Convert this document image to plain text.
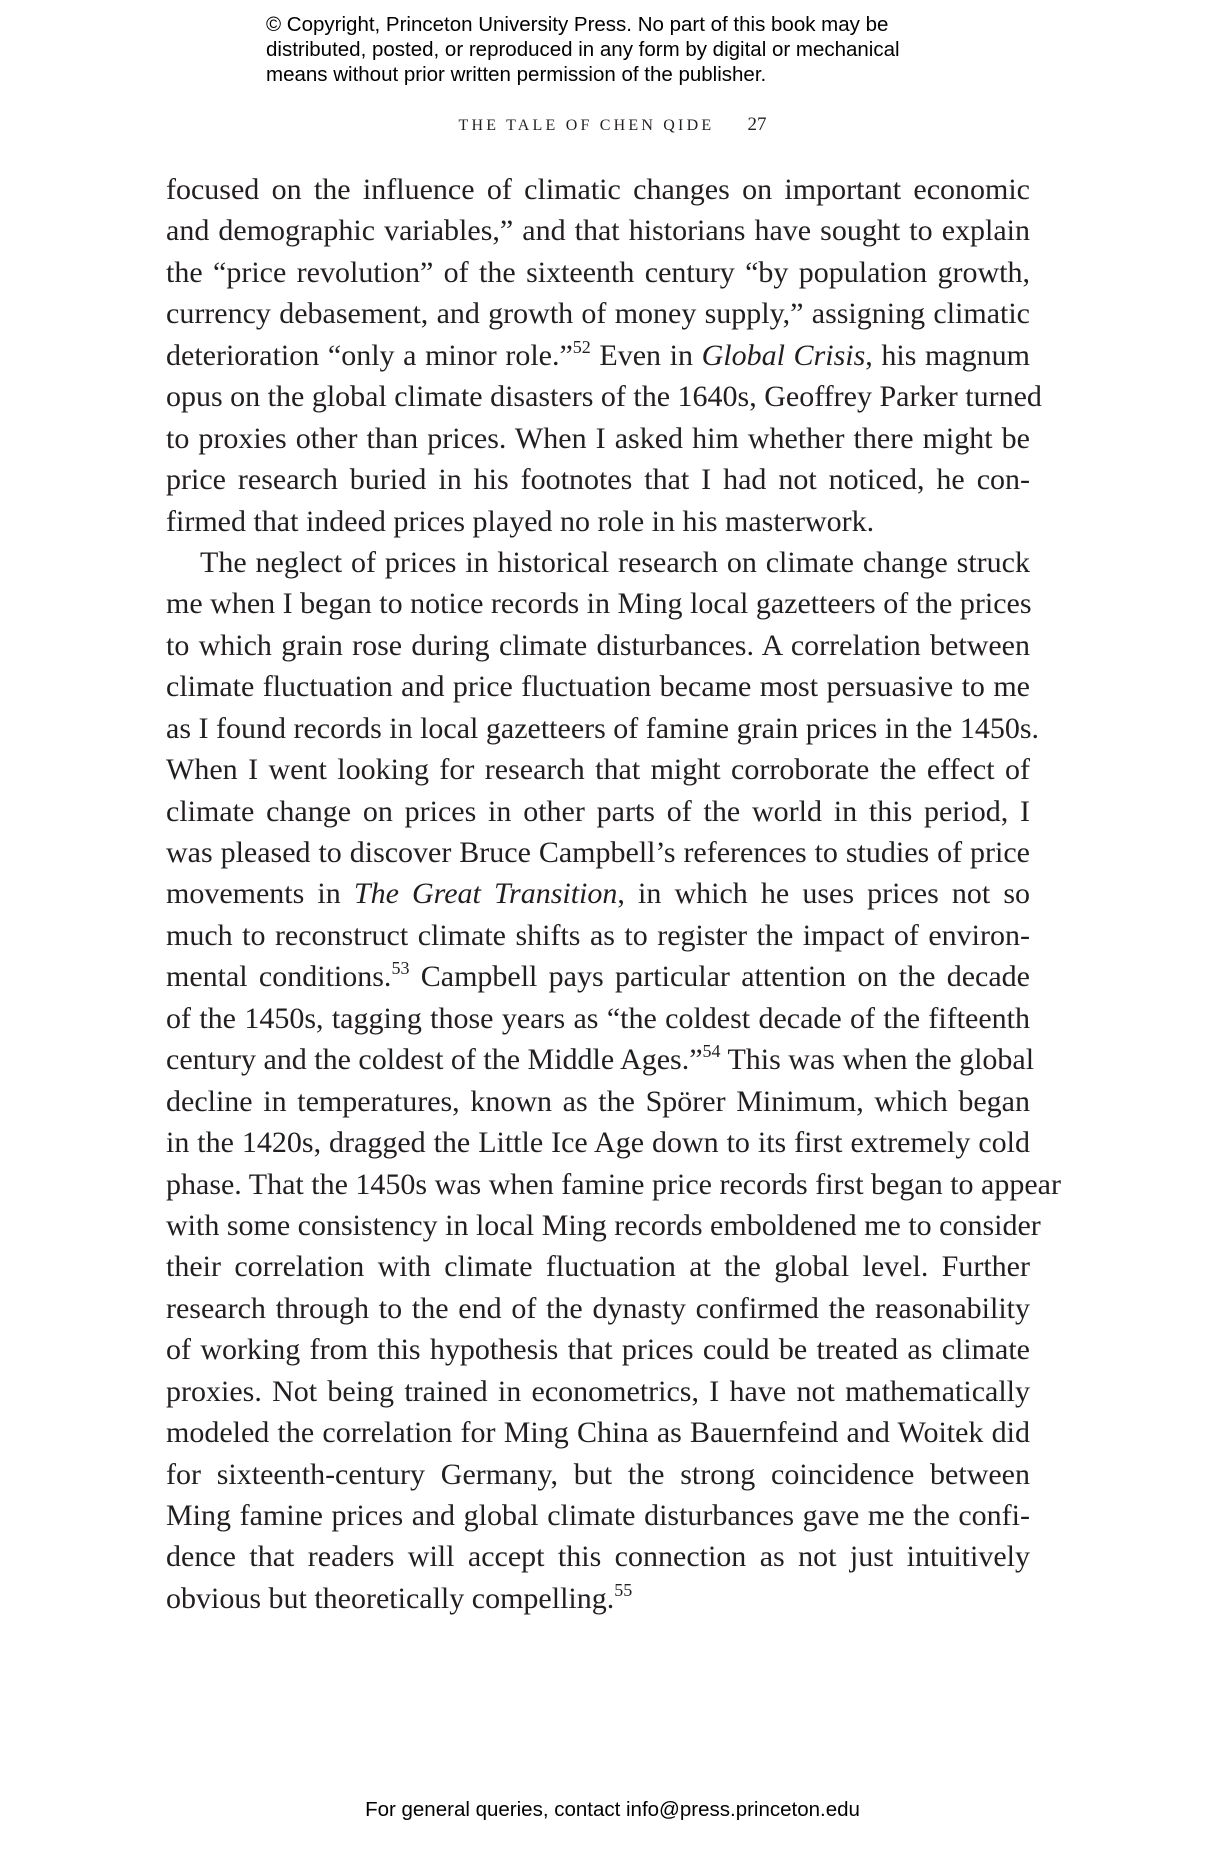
© Copyright, Princeton University Press. No part of this book may be
distributed, posted, or reproduced in any form by digital or mechanical
means without prior written permission of the publisher.
THE TALE OF CHEN QIDE 27
focused on the influence of climatic changes on important economic
and demographic variables,” and that historians have sought to explain
the “price revolution” of the sixteenth century “by population growth,
currency debasement, and growth of money supply,” assigning climatic
deterioration “only a minor role.”$^{52}$ Even in Global Crisis, his magnum
opus on the global climate disasters of the 1640s, Geoffrey Parker turned
to proxies other than prices. When I asked him whether there might be
price research buried in his footnotes that I had not noticed, he con-
firmed that indeed prices played no role in his masterwork.
The neglect of prices in historical research on climate change struck
me when I began to notice records in Ming local gazetteers of the prices
to which grain rose during climate disturbances. A correlation between
climate fluctuation and price fluctuation became most persuasive to me
as I found records in local gazetteers of famine grain prices in the 1450s.
When I went looking for research that might corroborate the effect of
climate change on prices in other parts of the world in this period, I
was pleased to discover Bruce Campbell’s references to studies of price
movements in The Great Transition, in which he uses prices not so
much to reconstruct climate shifts as to register the impact of environ-
mental conditions.$^{53}$ Campbell pays particular attention on the decade
of the 1450s, tagging those years as “the coldest decade of the fifteenth
century and the coldest of the Middle Ages.”$^{54}$ This was when the global
decline in temperatures, known as the Spörer Minimum, which began
in the 1420s, dragged the Little Ice Age down to its first extremely cold
phase. That the 1450s was when famine price records first began to appear
with some consistency in local Ming records emboldened me to consider
their correlation with climate fluctuation at the global level. Further
research through to the end of the dynasty confirmed the reasonability
of working from this hypothesis that prices could be treated as climate
proxies. Not being trained in econometrics, I have not mathematically
modeled the correlation for Ming China as Bauernfeind and Woitek did
for sixteenth-century Germany, but the strong coincidence between
Ming famine prices and global climate disturbances gave me the confi-
dence that readers will accept this connection as not just intuitively
obvious but theoretically compelling.$^{55}$
For general queries, contact info@press.princeton.edu
